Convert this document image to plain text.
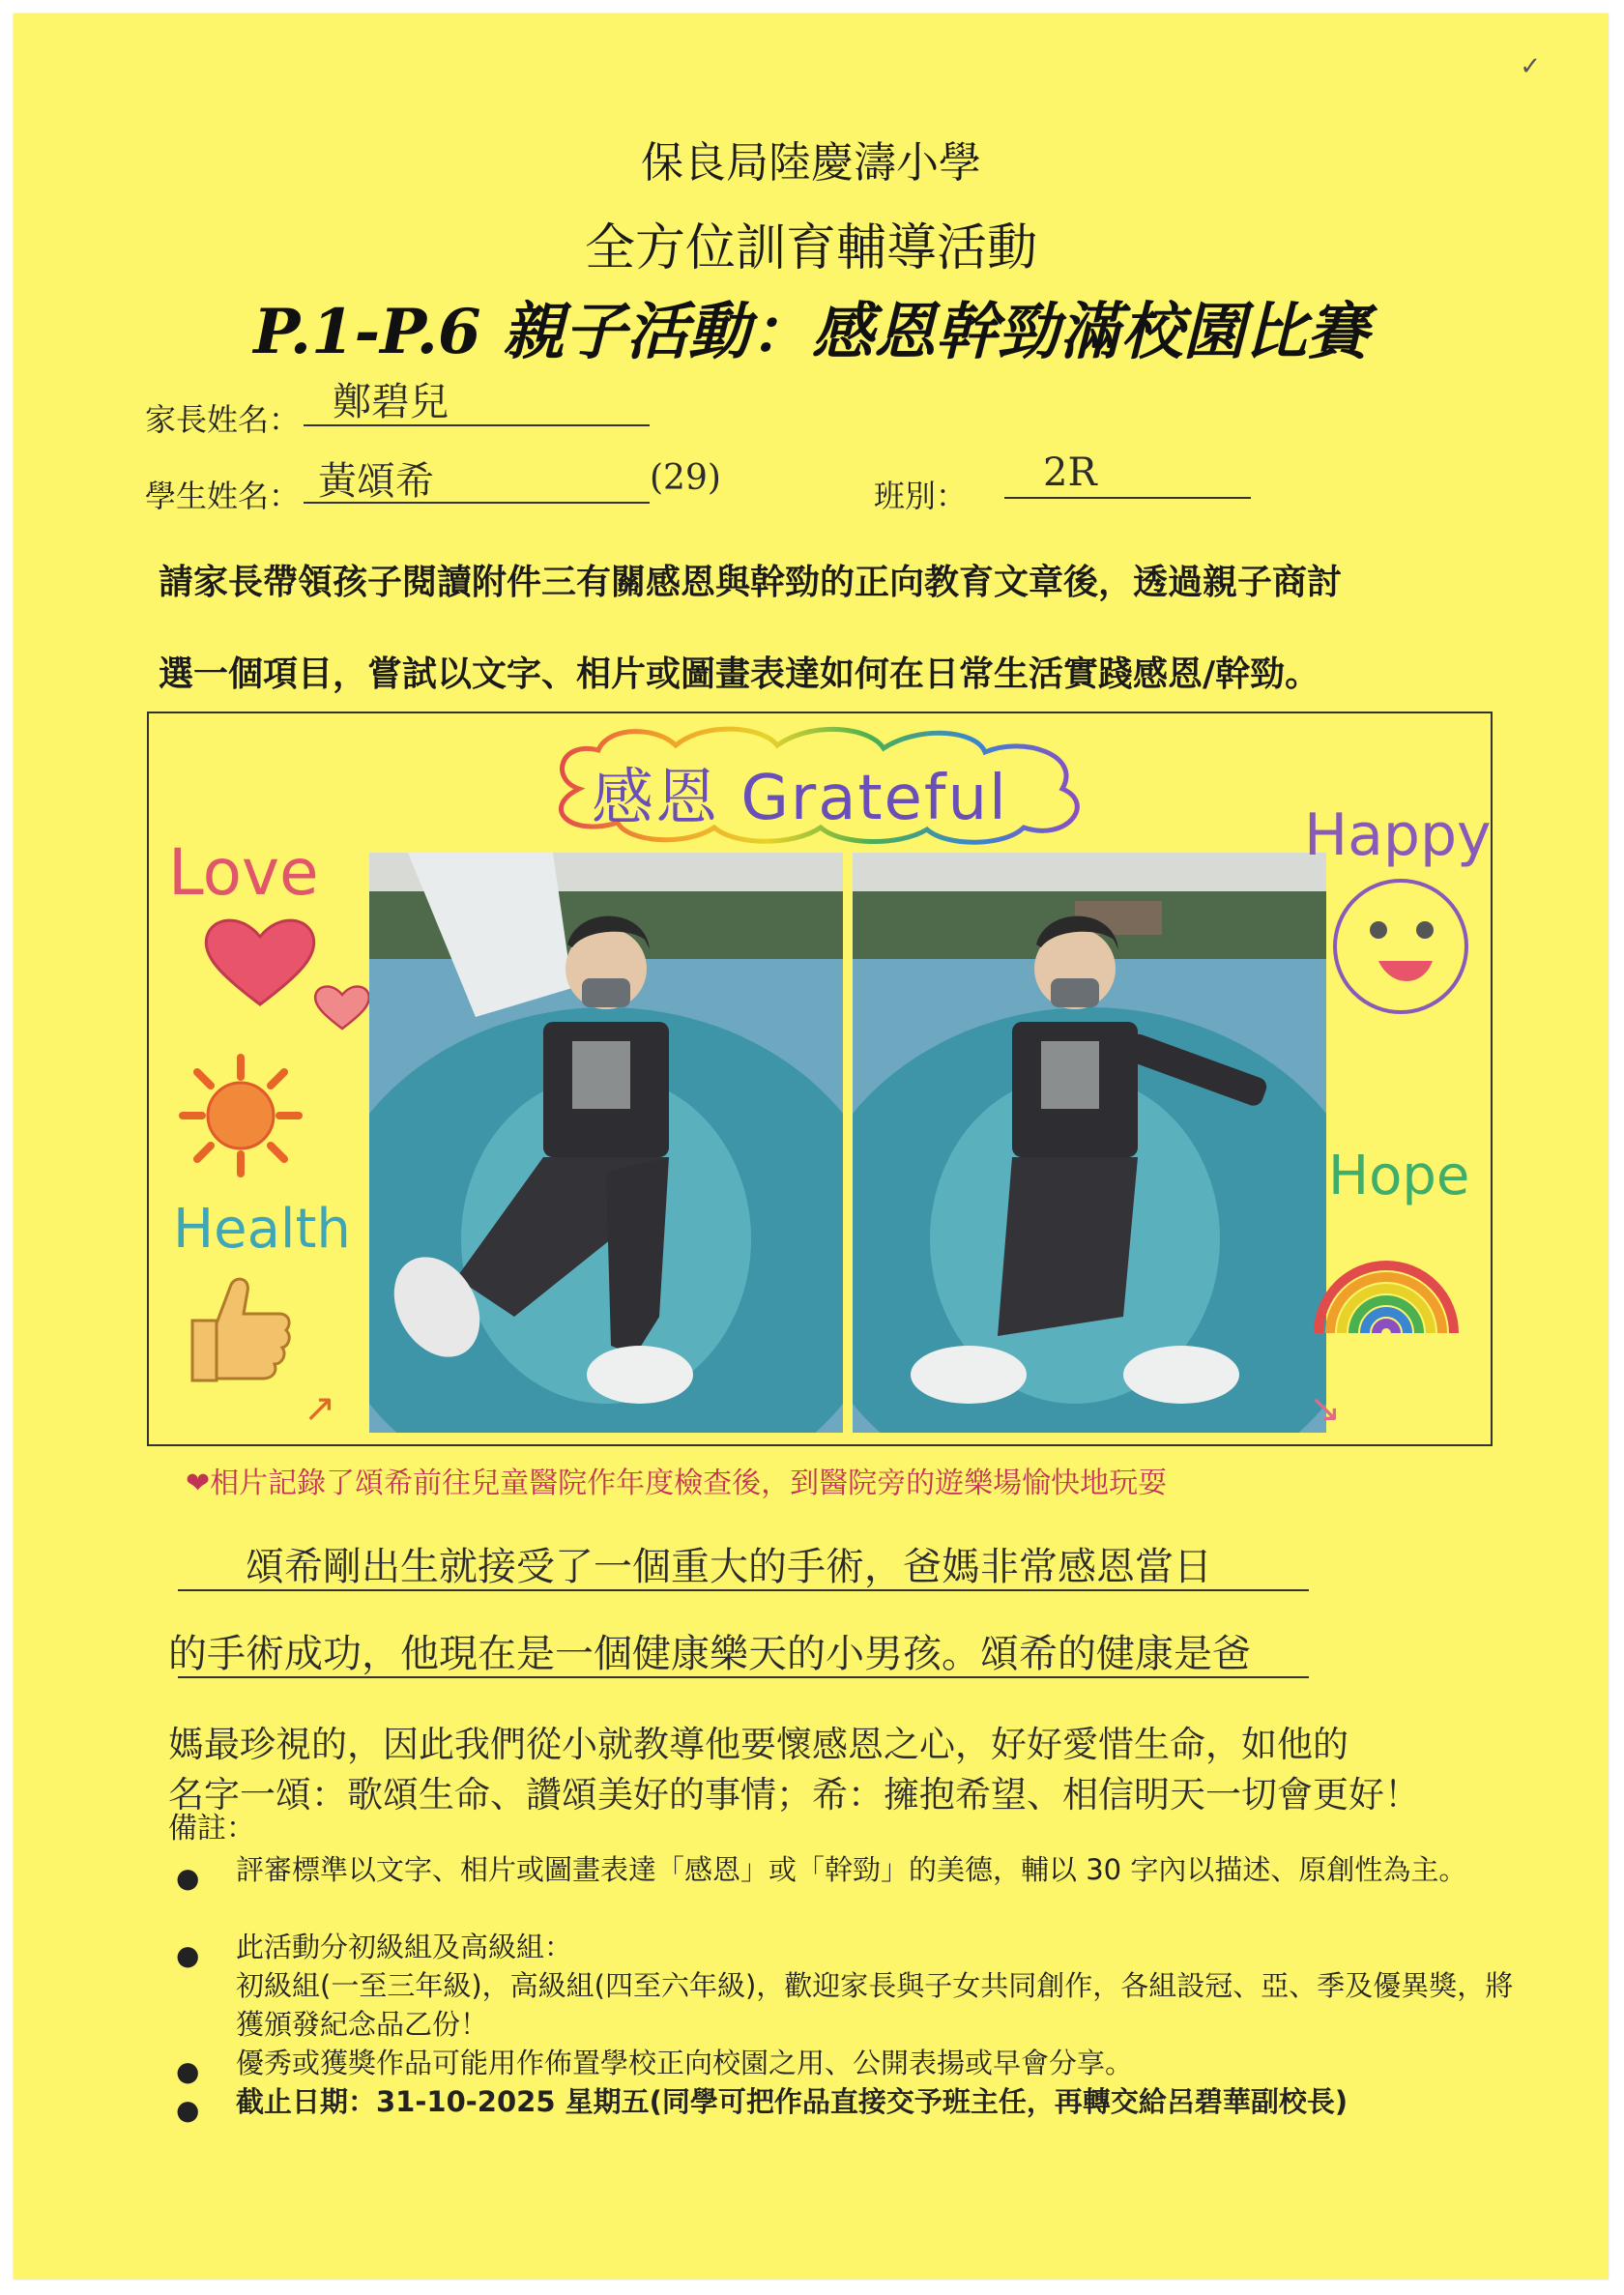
✓
保良局陸慶濤小學
全方位訓育輔導活動
P.1-P.6 親子活動：感恩幹勁滿校園比賽
家長姓名： 鄭碧兒
學生姓名： 黃頌希	(29)	班別：
2R
請家長帶領孩子閱讀附件三有關感恩與幹勁的正向教育文章後，透過親子商討
選一個項目，嘗試以文字、相片或圖畫表達如何在日常生活實踐感恩/幹勁。
感恩 Grateful
Love
Health
↗
Happy
Hope
↘
❤相片記錄了頌希前往兒童醫院作年度檢查後，到醫院旁的遊樂場愉快地玩耍
頌希剛出生就接受了一個重大的手術，爸媽非常感恩當日
的手術成功，他現在是一個健康樂天的小男孩。頌希的健康是爸
媽最珍視的，因此我們從小就教導他要懷感恩之心，好好愛惜生命，如他的
名字一頌：歌頌生命、讚頌美好的事情；希：擁抱希望、相信明天一切會更好！
備註：
● 評審標準以文字、相片或圖畫表達「感恩」或「幹勁」的美德，輔以 30 字內以描述、原創性為主。
● 此活動分初級組及高級組：
初級組(一至三年級)，高級組(四至六年級)，歡迎家長與子女共同創作，各組設冠、亞、季及優異獎，將獲頒發紀念品乙份！
● 優秀或獲獎作品可能用作佈置學校正向校園之用、公開表揚或早會分享。
● 截止日期：31-10-2025 星期五(同學可把作品直接交予班主任，再轉交給呂碧華副校長)
